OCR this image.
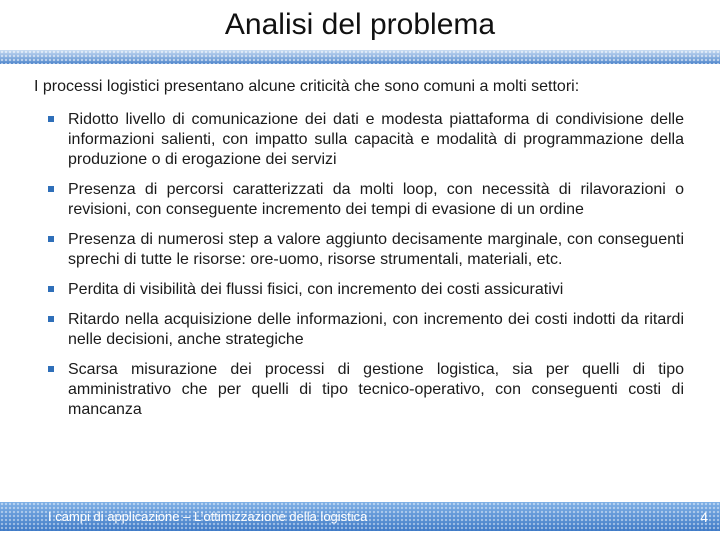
Analisi del problema
I processi logistici presentano alcune criticità che sono comuni a molti settori:
Ridotto livello di comunicazione dei dati e modesta piattaforma di condivisione delle informazioni salienti, con impatto sulla capacità e modalità di programmazione della produzione o di erogazione dei servizi
Presenza di percorsi caratterizzati da molti loop, con necessità di rilavorazioni o revisioni, con conseguente incremento dei tempi di evasione di un ordine
Presenza di numerosi step a valore aggiunto decisamente marginale, con conseguenti sprechi di tutte le risorse: ore-uomo, risorse strumentali, materiali, etc.
Perdita di visibilità dei flussi fisici, con incremento dei costi assicurativi
Ritardo nella acquisizione delle informazioni, con incremento dei costi indotti da ritardi nelle decisioni, anche strategiche
Scarsa misurazione dei processi di gestione logistica, sia per quelli di tipo amministrativo che per quelli di tipo tecnico-operativo, con conseguenti costi di mancanza
I campi di applicazione – L’ottimizzazione della logistica	4
